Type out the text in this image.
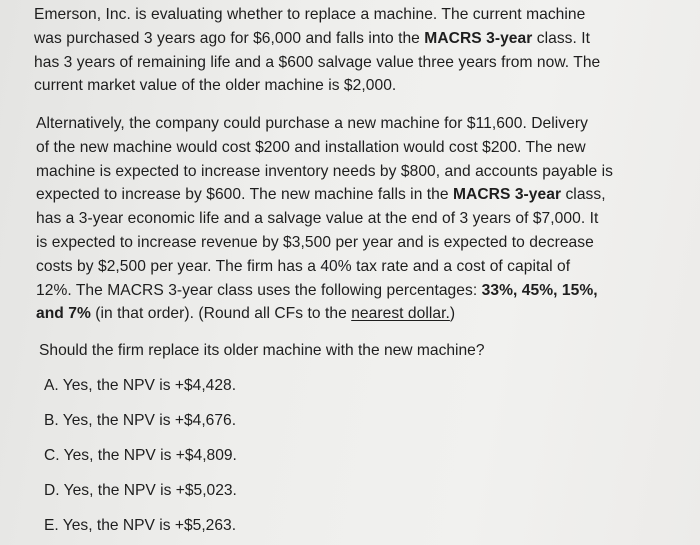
Emerson, Inc. is evaluating whether to replace a machine. The current machine
was purchased 3 years ago for $6,000 and falls into the MACRS 3-year class. It
has 3 years of remaining life and a $600 salvage value three years from now. The
current market value of the older machine is $2,000.

Alternatively, the company could purchase a new machine for $11,600. Delivery
of the new machine would cost $200 and installation would cost $200. The new
machine is expected to increase inventory needs by $800, and accounts payable is
expected to increase by $600. The new machine falls in the MACRS 3-year class,
has a 3-year economic life and a salvage value at the end of 3 years of $7,000. It
is expected to increase revenue by $3,500 per year and is expected to decrease
costs by $2,500 per year. The firm has a 40% tax rate and a cost of capital of
12%. The MACRS 3-year class uses the following percentages: 33%, 45%, 15%,
and 7% (in that order). (Round all CFs to the nearest dollar.)

Should the firm replace its older machine with the new machine?

A. Yes, the NPV is +$4,428.
B. Yes, the NPV is +$4,676.
C. Yes, the NPV is +$4,809.
D. Yes, the NPV is +$5,023.
E. Yes, the NPV is +$5,263.
